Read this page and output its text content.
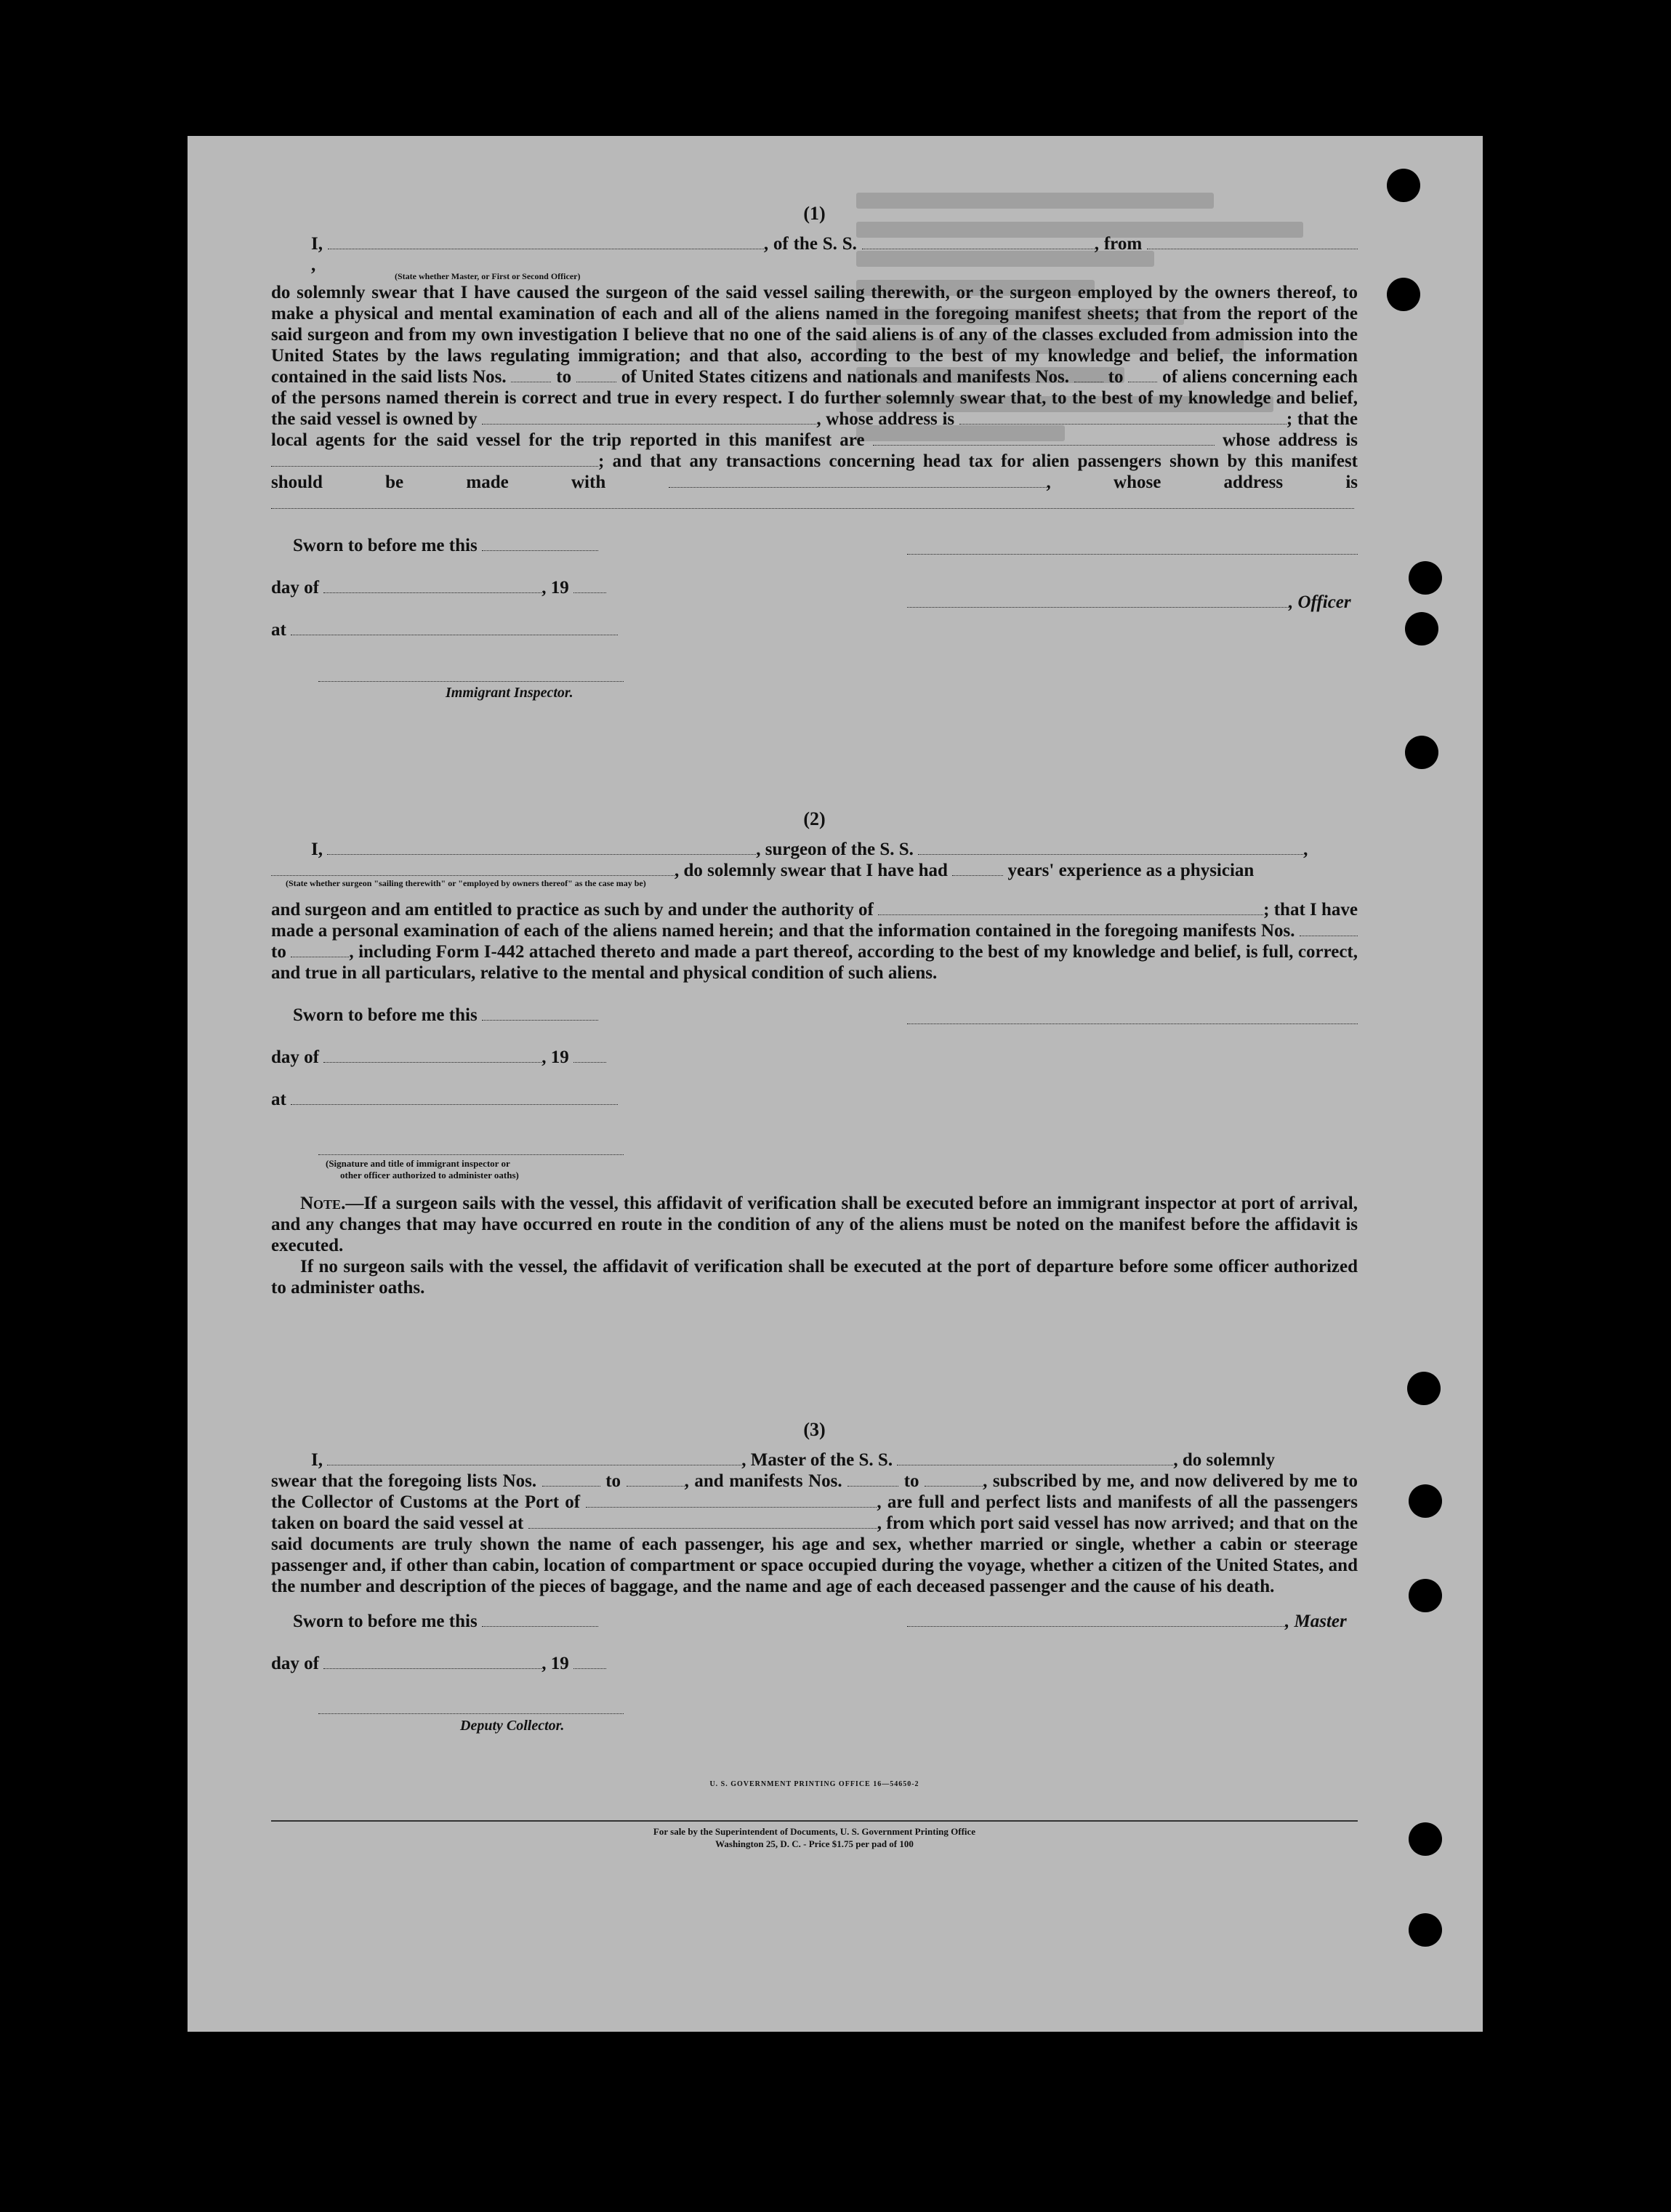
(1)
I,	, of the S. S.	, from ,
(State whether Master, or First or Second Officer)
do solemnly swear that I have caused the surgeon of the said vessel sailing therewith, or the surgeon employed by the owners thereof, to make a physical and mental examination of each and all of the aliens named in the foregoing manifest sheets; that from the report of the said surgeon and from my own investigation I believe that no one of the said aliens is of any of the classes excluded from admission into the United States by the laws regulating immigration; and that also, according to the best of my knowledge and belief, the information contained in the said lists Nos.	to	of United States citizens and nationals and manifests Nos. to of aliens concerning each of the persons named therein is correct and true in every respect. I do further solemnly swear that, to the best of my knowledge and belief, the said vessel is owned by	, whose address is	; that the local agents for the said vessel for the trip reported in this manifest are	whose address is ; and that any transactions concerning head tax for alien passengers shown by this manifest should be made with	, whose address is
Sworn to before me this
day of	, 19
, Officer
at
Immigrant Inspector.
(2)
I,	, surgeon of the S. S.	,
, do solemnly swear that I have had	years' experience as a physician
(State whether surgeon "sailing therewith" or "employed by owners thereof" as the case may be)
and surgeon and am entitled to practice as such by and under the authority of	; that I have made a personal examination of each of the aliens named herein; and that the information contained in the foregoing manifests Nos.  to	, including Form I-442 attached thereto and made a part thereof, according to the best of my knowledge and belief, is full, correct, and true in all particulars, relative to the mental and physical condition of such aliens.
Sworn to before me this
day of	, 19
at
(Signature and title of immigrant inspector or
other officer authorized to administer oaths)
Note.—If a surgeon sails with the vessel, this affidavit of verification shall be executed before an immigrant inspector at port of arrival, and any changes that may have occurred en route in the condition of any of the aliens must be noted on the manifest before the affidavit is executed.
If no surgeon sails with the vessel, the affidavit of verification shall be executed at the port of departure before some officer authorized to administer oaths.
(3)
I,	, Master of the S. S.	, do solemnly
swear that the foregoing lists Nos.	to	, and manifests Nos.	to	, subscribed by me, and now delivered by me to the Collector of Customs at the Port of	, are full and perfect lists and manifests of all the passengers taken on board the said vessel at	, from which port said vessel has now arrived; and that on the said documents are truly shown the name of each passenger, his age and sex, whether married or single, whether a cabin or steerage passenger and, if other than cabin, location of compartment or space occupied during the voyage, whether a citizen of the United States, and the number and description of the pieces of baggage, and the name and age of each deceased passenger and the cause of his death.
Sworn to before me this	, Master
day of	, 19
Deputy Collector.
U. S. GOVERNMENT PRINTING OFFICE 16—54650-2
For sale by the Superintendent of Documents, U. S. Government Printing Office
Washington 25, D. C. - Price $1.75 per pad of 100
